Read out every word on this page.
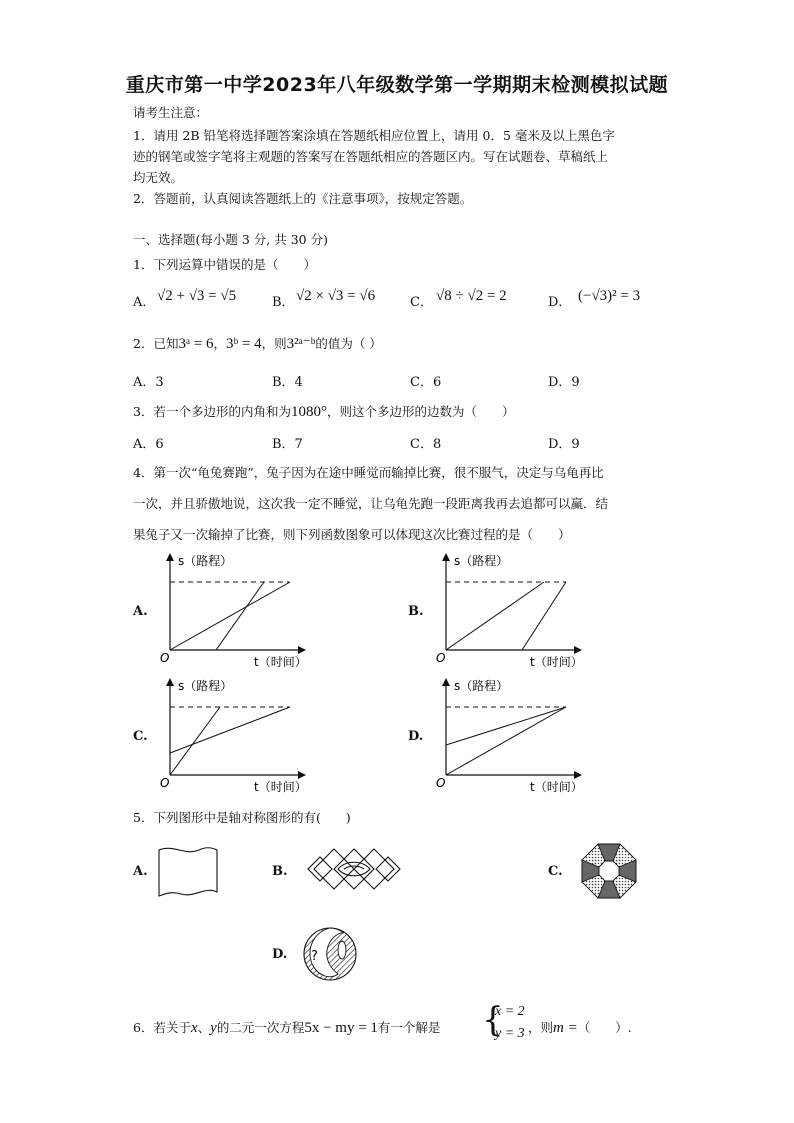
重庆市第一中学2023年八年级数学第一学期期末检测模拟试题
请考生注意：
1．请用 2B 铅笔将选择题答案涂填在答题纸相应位置上，请用 0．5 毫米及以上黑色字
迹的钢笔或签字笔将主观题的答案写在答题纸相应的答题区内。写在试题卷、草稿纸上
均无效。
2．答题前，认真阅读答题纸上的《注意事项》，按规定答题。
一、选择题(每小题 3 分, 共 30 分)
1．下列运算中错误的是（　　）
A． √2 + √3 = √5	B． √2 × √3 = √6	C． √8 ÷ √2 = 2	D． (−√3)² = 3
2．已知3ᵃ = 6，3ᵇ = 4，则3²ᵃ⁻ᵇ的值为（ ）
A．3	B．4	C．6	D．9
3．若一个多边形的内角和为1080°，则这个多边形的边数为（　　）
A．6	B．7	C．8	D．9
4．第一次“龟兔赛跑”，兔子因为在途中睡觉而输掉比赛，很不服气，决定与乌龟再比
一次，并且骄傲地说，这次我一定不睡觉，让乌龟先跑一段距离我再去追都可以赢．结
果兔子又一次输掉了比赛，则下列函数图象可以体现这次比赛过程的是（　　）
A.	B.
C.	D.
s（路程）
t（时间）
O
s（路程）
t（时间）
O
s（路程）
t（时间）
O
s（路程）
t（时间）
O
5．下列图形中是轴对称图形的有(　　)
A.	B.	C.
D. ?
6．若关于x、y的二元一次方程5x − my = 1有一个解是 {
x = 2
y = 3 ，则m =（　　）.
